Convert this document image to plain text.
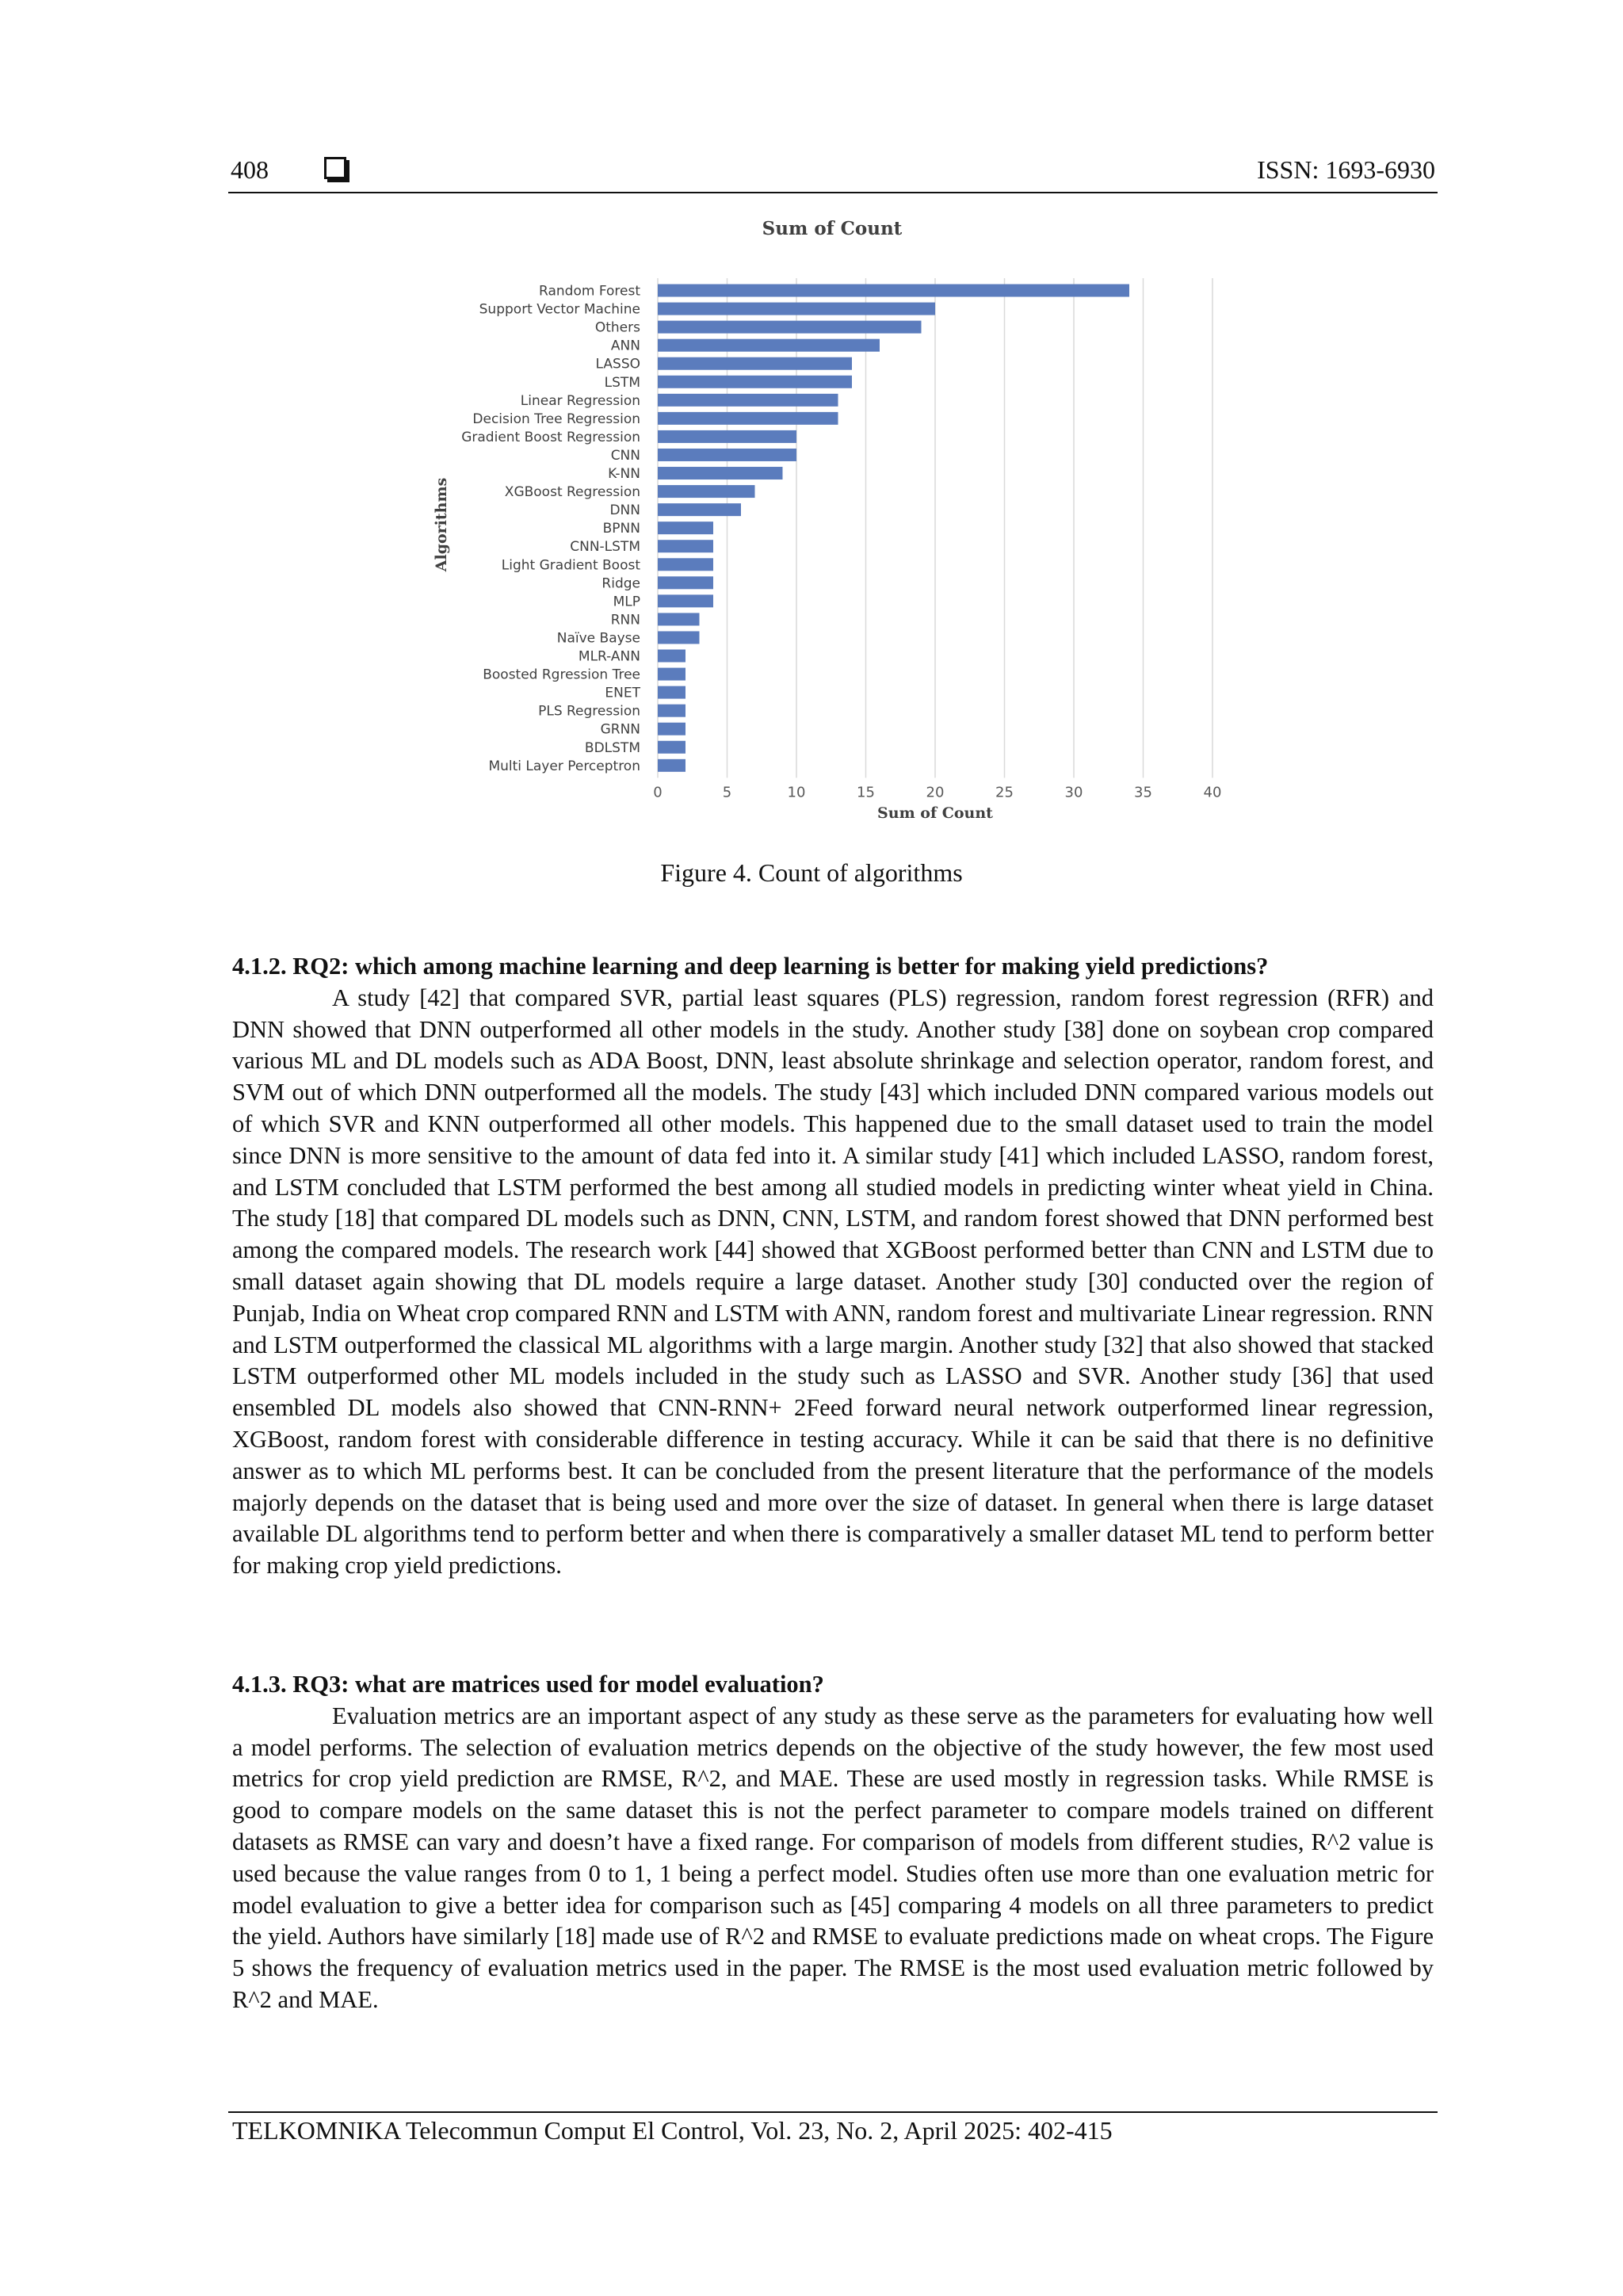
408	ISSN: 1693-6930
0	5	10	15	20	25	30	35	40
Random Forest
Support Vector Machine
Others
ANN
LASSO
LSTM
Linear Regression
Decision Tree Regression
Gradient Boost Regression
CNN
K-NN
XGBoost Regression
DNN
BPNN
CNN-LSTM
Light Gradient Boost
Ridge
MLP
RNN
Naïve Bayse
MLR-ANN
Boosted Rgression Tree
ENET
PLS Regression
GRNN
BDLSTM
Multi Layer Perceptron
Sum of Count
Sum of Count
Algorithms
Figure 4. Count of algorithms
4.1.2. RQ2: which among machine learning and deep learning is better for making yield predictions?

A study [42] that compared SVR, partial least squares (PLS) regression, random forest regression (RFR) and DNN showed that DNN outperformed all other models in the study. Another study [38] done on soybean crop compared various ML and DL models such as ADA Boost, DNN, least absolute shrinkage and selection operator, random forest, and SVM out of which DNN outperformed all the models. The study [43] which included DNN compared various models out of which SVR and KNN outperformed all other models. This happened due to the small dataset used to train the model since DNN is more sensitive to the amount of data fed into it. A similar study [41] which included LASSO, random forest, and LSTM concluded that LSTM performed the best among all studied models in predicting winter wheat yield in China. The study [18] that compared DL models such as DNN, CNN, LSTM, and random forest showed that DNN performed best among the compared models. The research work [44] showed that XGBoost performed better than CNN and LSTM due to small dataset again showing that DL models require a large dataset. Another study [30] conducted over the region of Punjab, India on Wheat crop compared RNN and LSTM with ANN, random forest and multivariate Linear regression. RNN and LSTM outperformed the classical ML algorithms with a large margin. Another study [32] that also showed that stacked LSTM outperformed other ML models included in the study such as LASSO and SVR. Another study [36] that used ensembled DL models also showed that CNN-RNN+ 2Feed forward neural network outperformed linear regression, XGBoost, random forest with considerable difference in testing accuracy. While it can be said that there is no definitive answer as to which ML performs best. It can be concluded from the present literature that the performance of the models majorly depends on the dataset that is being used and more over the size of dataset. In general when there is large dataset available DL algorithms tend to perform better and when there is comparatively a smaller dataset ML tend to perform better for making crop yield predictions.

4.1.3. RQ3: what are matrices used for model evaluation?

Evaluation metrics are an important aspect of any study as these serve as the parameters for evaluating how well a model performs. The selection of evaluation metrics depends on the objective of the study however, the few most used metrics for crop yield prediction are RMSE, R^2, and MAE. These are used mostly in regression tasks. While RMSE is good to compare models on the same dataset this is not the perfect parameter to compare models trained on different datasets as RMSE can vary and doesn’t have a fixed range. For comparison of models from different studies, R^2 value is used because the value ranges from 0 to 1, 1 being a perfect model. Studies often use more than one evaluation metric for model evaluation to give a better idea for comparison such as [45] comparing 4 models on all three parameters to predict the yield. Authors have similarly [18] made use of R^2 and RMSE to evaluate predictions made on wheat crops. The Figure 5 shows the frequency of evaluation metrics used in the paper. The RMSE is the most used evaluation metric followed by R^2 and MAE.

TELKOMNIKA Telecommun Comput El Control, Vol. 23, No. 2, April 2025: 402-415
